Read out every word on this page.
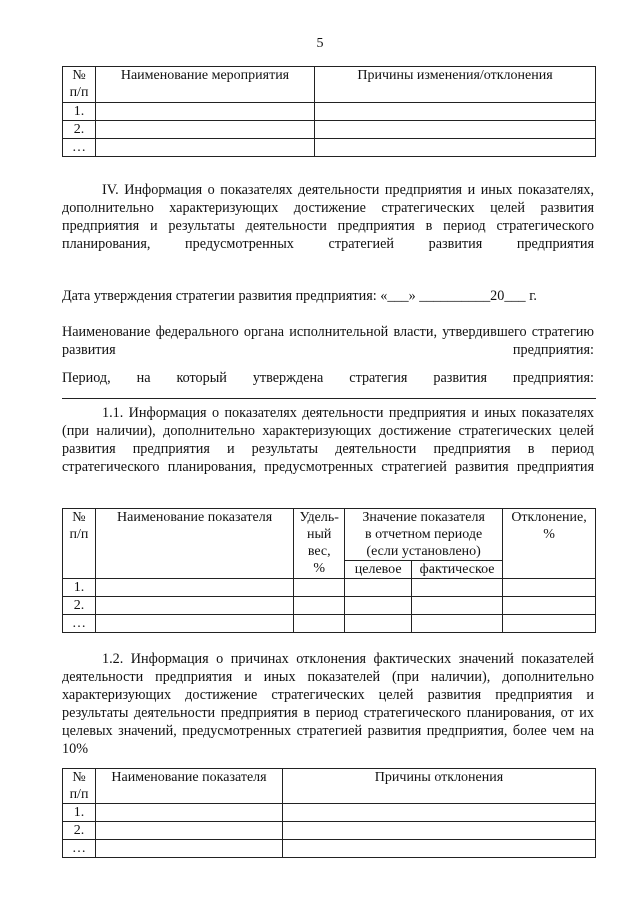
5
№
п/п	Наименование мероприятия	Причины изменения/отклонения
1.		
2.		
…		

IV. Информация о показателях деятельности предприятия и иных показателях, дополнительно характеризующих достижение стратегических целей развития предприятия и результаты деятельности предприятия в период стратегического планирования, предусмотренных стратегией развития предприятия

Дата утверждения стратегии развития предприятия: «___» __________20___ г.

Наименование федерального органа исполнительной власти, утвердившего стратегию развития предприятия:

Период, на который утверждена стратегия развития предприятия:

1.1. Информация о показателях деятельности предприятия и иных показателях (при наличии), дополнительно характеризующих достижение стратегических целей развития предприятия и результаты деятельности предприятия в период стратегического планирования, предусмотренных стратегией развития предприятия

№
п/п	Наименование показателя	Удель-
ный
вес,
%	Значение показателя
в отчетном периоде
(если установлено)		Отклонение,
%
			целевое	фактическое	
1.					
2.					
…					

1.2. Информация о причинах отклонения фактических значений показателей деятельности предприятия и иных показателей (при наличии), дополнительно характеризующих достижение стратегических целей развития предприятия и результаты деятельности предприятия в период стратегического планирования, от их целевых значений, предусмотренных стратегией развития предприятия, более чем на 10%

№
п/п	Наименование показателя	Причины отклонения
1.		
2.		
…		
